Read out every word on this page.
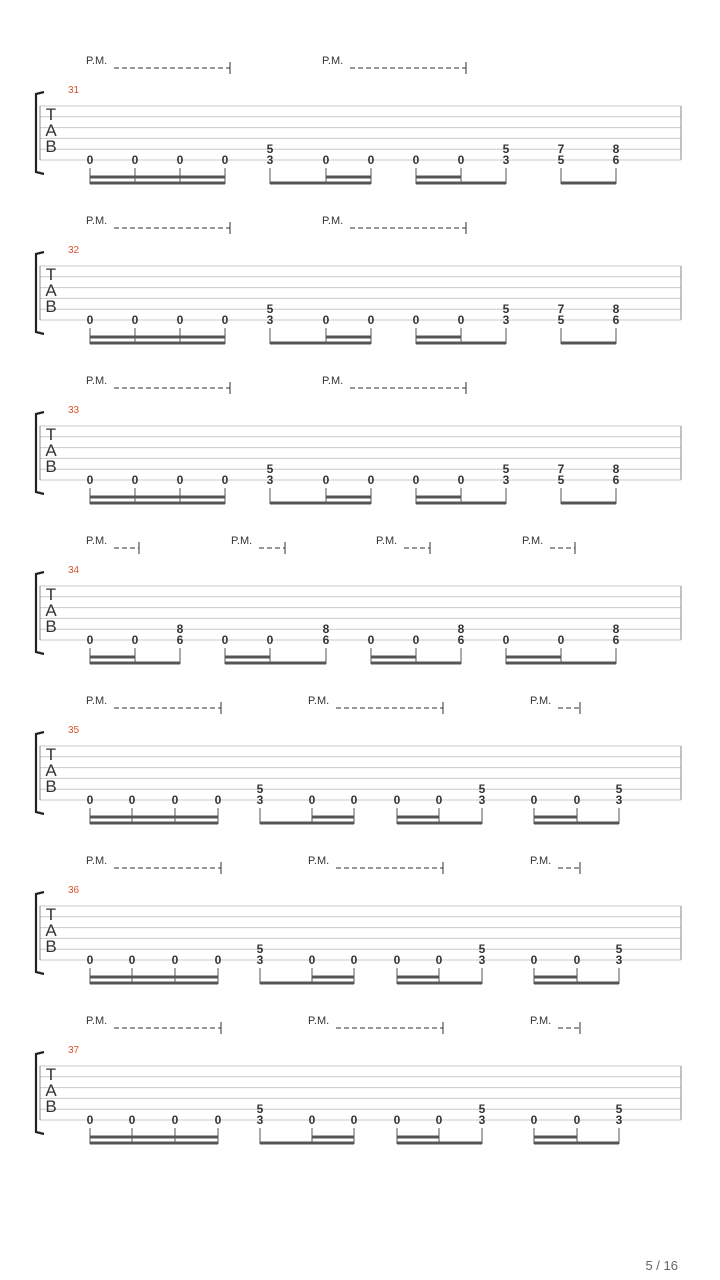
T
A
B
31
P.M.	P.M.
0	0	0	0
5
3	0	0	0	0
5
3
7
5
8
6
T
A
B
32
P.M.	P.M.
0	0	0	0
5
3	0	0	0	0
5
3
7
5
8
6
T
A
B
33
P.M.	P.M.
0	0	0	0
5
3	0	0	0	0
5
3
7
5
8
6
T
A
B
34
P.M.	P.M.	P.M.	P.M.
0	0
8
6	0	0
8
6	0	0
8
6	0	0
8
6
T
A
B
35
P.M.	P.M.	P.M.
0	0	0	0
5
3	0	0	0	0
5
3	0	0
5
3
T
A
B
36
P.M.	P.M.	P.M.
0	0	0	0
5
3	0	0	0	0
5
3	0	0
5
3
T
A
B
37
P.M.	P.M.	P.M.
0	0	0	0
5
3	0	0	0	0
5
3	0	0
5
3
5 / 16
